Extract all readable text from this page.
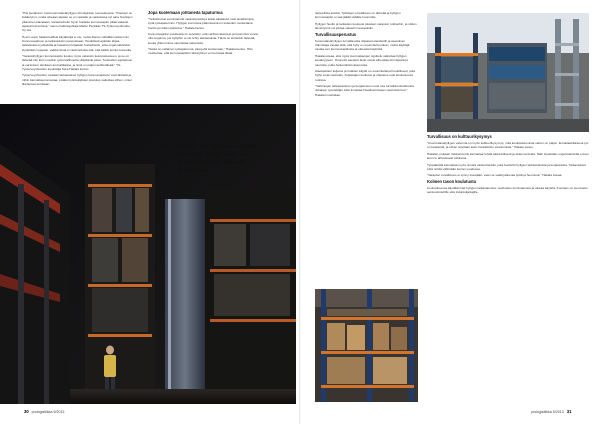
"Pisi kestävinm ovat kuormalavahyllyjen törmäyksien seurauksesta. Yhteistyö on lisääntynyt, mutta oikeaan tapaan se on vastattu ja varastossa nyt aina huoltojen pitäminen kaivataan. Varastonhoito hyvin hoidettu kunnossapito pitää vakavat tapaturmat kurissa," sanoo hallintojohtaja Marko Pentikäs TS-Työterveyshuolto Oy:sta.

Hyvin usein haaksimallisia käytäntöjä ei ole, mutta tilanne nähdään tarkemmin. Kunnossapitoon ja tarkastuksiin panostetaan. Henkilöstö ajoittain kirjaa tarkastukset työkaluilla ja havainnot kirjataan huolellisesti, jotta ongelmakohdat löydetään nopeasti, vaikka tämä ei vielä tarkoita sitä, että kaikki toimisi kunnolla.

"Varastohyllyjen kunnossapito kuuluu myös varaston kokonaisuuteen, ja se on tärkeää niin kuin muutkin työturvallisuutta ylläpitävät asiat. Tuotteiden sijoitteluun ja varastoon tarvitaan ammattitaitoa, ja siinä on paljon kehitettävää," TS-Työterveyshuollon kouluttaja Sara Hakala kertoo.

Työterveyshuollon mukaan tarkastukset hyllyjen kunnossapitoon ovat tärkeitä ja niihin kannattaa panostaa. Lisäksi työntekijöiden koulutus vaikuttaa siihen, miten tilanteissa toimitaan.

Jopa kuolemaan johtaneita tapaturmia

"Velkoittomat suunnitelmat varastotyöstä ja tiukat aikataulut ovat tavallisimpia syitä työtapaturmiin. Hyllyjen kunnossa pitämisessä on kuitenkin muistettava huolto ja riskien kartoitus," Hakala kertoo.

Kunnossapidon puutteista on selvitetty, että vanhat rakenteet ja kuormitus voivat olla ongelma, jos hyllyihin ei ole tehty tarkastuksia. Tämä on kuitenkin tärkeää, koska ylikuormitus vaurioittaa rakenteita.

"Sattui on sellainen työtapaturma, joka johti kuolemaan," Hakala kertoo. Hän muistuttaa, että kunnossapidon tärkeyttä ei voi korostaa liikaa.

” Vaurio voi aikeasti näyttää pieneltä, mutta siitä voi aiheutua hyvin vakava tapaturma.
30 prologistiikka 5/2013

tarpeellisia asioita. Työtilojen turvallisuus on tärkeää ja hyllyjen kunnossapito ei saa jäädä vähälle huomiolle.

Hyllyjen huolto ja tarkastus kuuluvat jokaisen varaston rutiineihin, ja niiden laiminlyönti voi johtaa vakaviin seurauksiin.

Turvallisuusperustus

Kuormalavahyllyjen turvallisuutta ohjaavat standardit ja asetukset. Valmistaja vastaa siitä, että hylly on suunniteltu oikein, mutta käyttäjä vastaa sen kunnossapidosta ja oikeasta käytöstä.

Hakala toteaa, että myös kuormalavojen sijoittelu vaikuttaa hyllyjen kestävyyteen. Huonosti asetetut lavat voivat aiheuttaa törmäyksiä ja vaurioita, jotka heikentävät rakennetta.

Alaobjektien kuljetus ja trukkien käyttö on suunniteltava huolellisesti, jotta hyllyt eivät vaurioidu. Kuljettajien koulutus ja ohjeistus ovat keskeisessä roolissa.

"Vahinkojen tarkastaminen ja korjaaminen ovat osa turvallisuuskulttuuria. Jokaisen työntekijän tulisi ilmoittaa havaitsemistaan vaurioista heti," Hakala muistuttaa.

Turvallisuus on kulttuurikysymys

"Kuormalavahyllyjen valvonta on myös kulttuurikysymys, mitä kouluttautumista varten on paljon. Ennaltaehkäisevä työ on keskeistä, ja siihen tarvitaan koko henkilöstön sitoutumista," Hakala sanoo.

Hakalan mukaan riskinarviointi kannattaa tehdä säännöllisesti ja dokumentoida. Näin löydetään ongelmakohdat ennen kuin ne aiheuttavat vahinkoa.

Työpaikoilla kannattaa myös nimetä vastuuhenkilö, joka huolehtii hyllyjen tarkastuksista ja korjauksista. Tarkastukset tulisi tehdä vähintään kerran vuodessa.

"Varaston turvallisuus ei synny itsestään, vaan se vaatii jatkuvaa työtä ja huomiota," Hakala toteaa.

Kolmen tason koulutusta

Koulutuksessa käydään läpi hyllyjen tarkastamista, vaurioiden tunnistamista ja oikeaa käyttöä. Koulutus on suunnattu sekä esimiehille että trukinkuljettajille.

prologistiikka 5/2013 31
